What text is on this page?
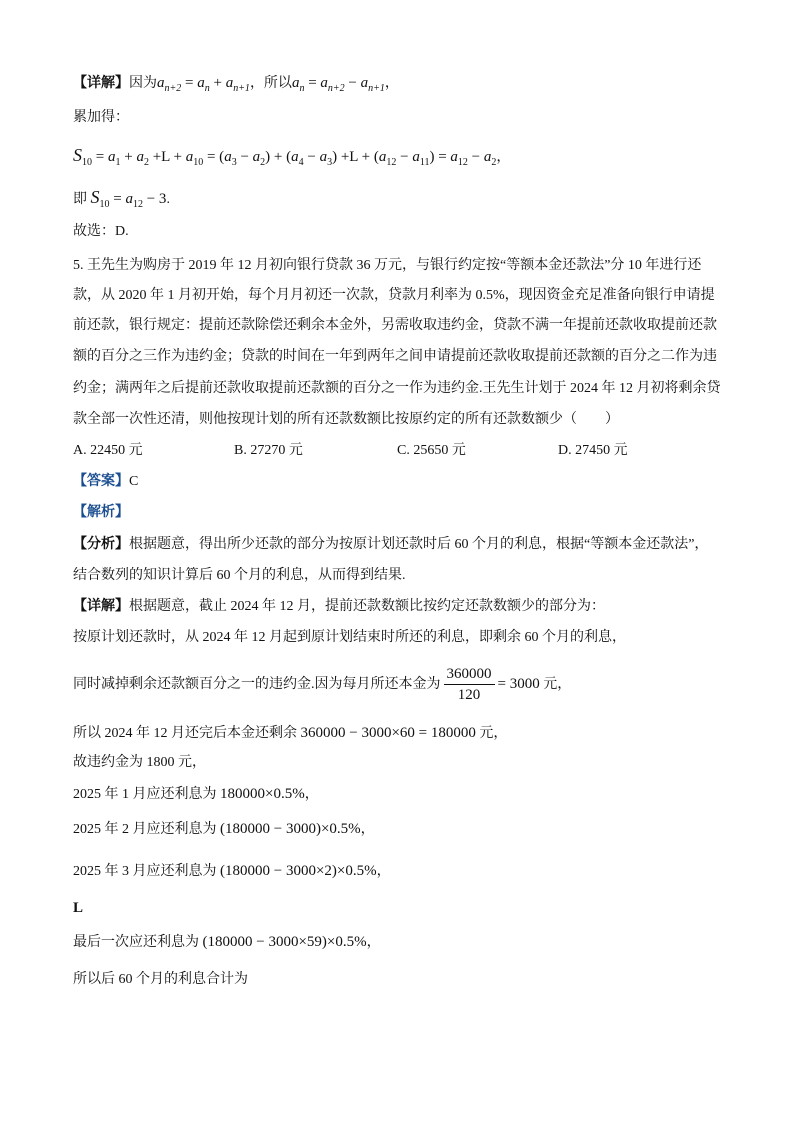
【详解】因为$a_{n+2} = a_n + a_{n+1}$，所以$a_n = a_{n+2} - a_{n+1}$，
累加得：
$S_{10} = a_1 + a_2 +L + a_{10} = (a_3 - a_2) + (a_4 - a_3) +L + (a_{12} - a_{11}) = a_{12} - a_2$，
即 $S_{10} = a_{12} - 3$.
故选：D.
5. 王先生为购房于 2019 年 12 月初向银行贷款 36 万元，与银行约定按“等额本金还款法”分 10 年进行还
款，从 2020 年 1 月初开始，每个月月初还一次款，贷款月利率为 0.5%，现因资金充足准备向银行申请提
前还款，银行规定：提前还款除偿还剩余本金外，另需收取违约金，贷款不满一年提前还款收取提前还款
额的百分之三作为违约金；贷款的时间在一年到两年之间申请提前还款收取提前还款额的百分之二作为违
约金；满两年之后提前还款收取提前还款额的百分之一作为违约金.王先生计划于 2024 年 12 月初将剩余贷
款全部一次性还清，则他按现计划的所有还款数额比按原约定的所有还款数额少（　　）
A. 22450 元	B. 27270 元	C. 25650 元	D. 27450 元
【答案】C
【解析】
【分析】根据题意，得出所少还款的部分为按原计划还款时后 60 个月的利息，根据“等额本金还款法”，
结合数列的知识计算后 60 个月的利息，从而得到结果.
【详解】根据题意，截止 2024 年 12 月，提前还款数额比按约定还款数额少的部分为：
按原计划还款时，从 2024 年 12 月起到原计划结束时所还的利息，即剩余 60 个月的利息，
同时减掉剩余还款额百分之一的违约金.因为每月所还本金为 $\frac{360000}{120} = 3000$ 元，
所以 2024 年 12 月还完后本金还剩余 360000 − 3000×60 = 180000 元，
故违约金为 1800 元，
2025 年 1 月应还利息为 180000×0.5%，
2025 年 2 月应还利息为 (180000 − 3000)×0.5%，
2025 年 3 月应还利息为 (180000 − 3000×2)×0.5%，
L
最后一次应还利息为 (180000 − 3000×59)×0.5%，
所以后 60 个月的利息合计为
